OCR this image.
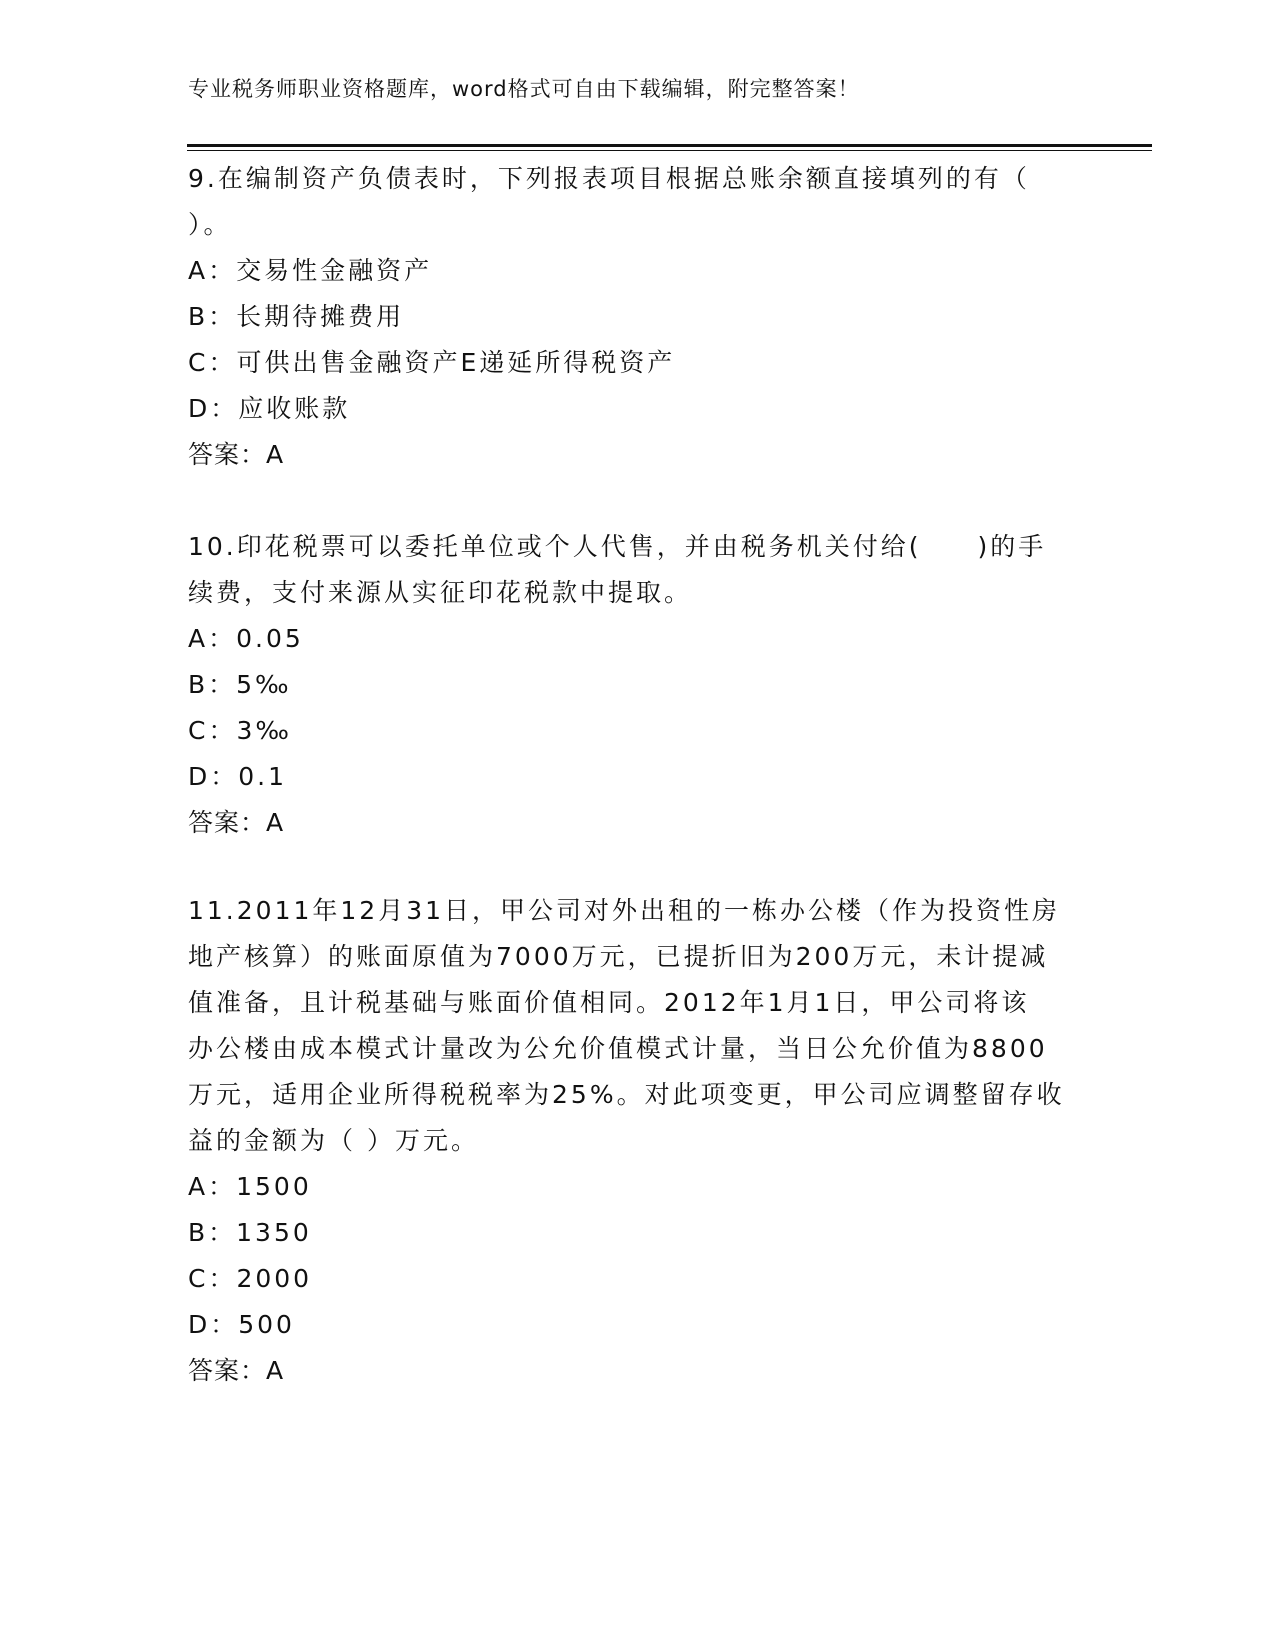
专业税务师职业资格题库，word格式可自由下载编辑，附完整答案！
9.在编制资产负债表时，下列报表项目根据总账余额直接填列的有（
）。
A：交易性金融资产
B：长期待摊费用
C：可供出售金融资产E递延所得税资产
D：应收账款
答案：A
10.印花税票可以委托单位或个人代售，并由税务机关付给(　　)的手
续费，支付来源从实征印花税款中提取。
A：0.05
B：5‰
C：3‰
D：0.1
答案：A
11.2011年12月31日，甲公司对外出租的一栋办公楼（作为投资性房
地产核算）的账面原值为7000万元，已提折旧为200万元，未计提减
值准备，且计税基础与账面价值相同。2012年1月1日，甲公司将该
办公楼由成本模式计量改为公允价值模式计量，当日公允价值为8800
万元，适用企业所得税税率为25%。对此项变更，甲公司应调整留存收
益的金额为（ ）万元。
A：1500
B：1350
C：2000
D：500
答案：A
